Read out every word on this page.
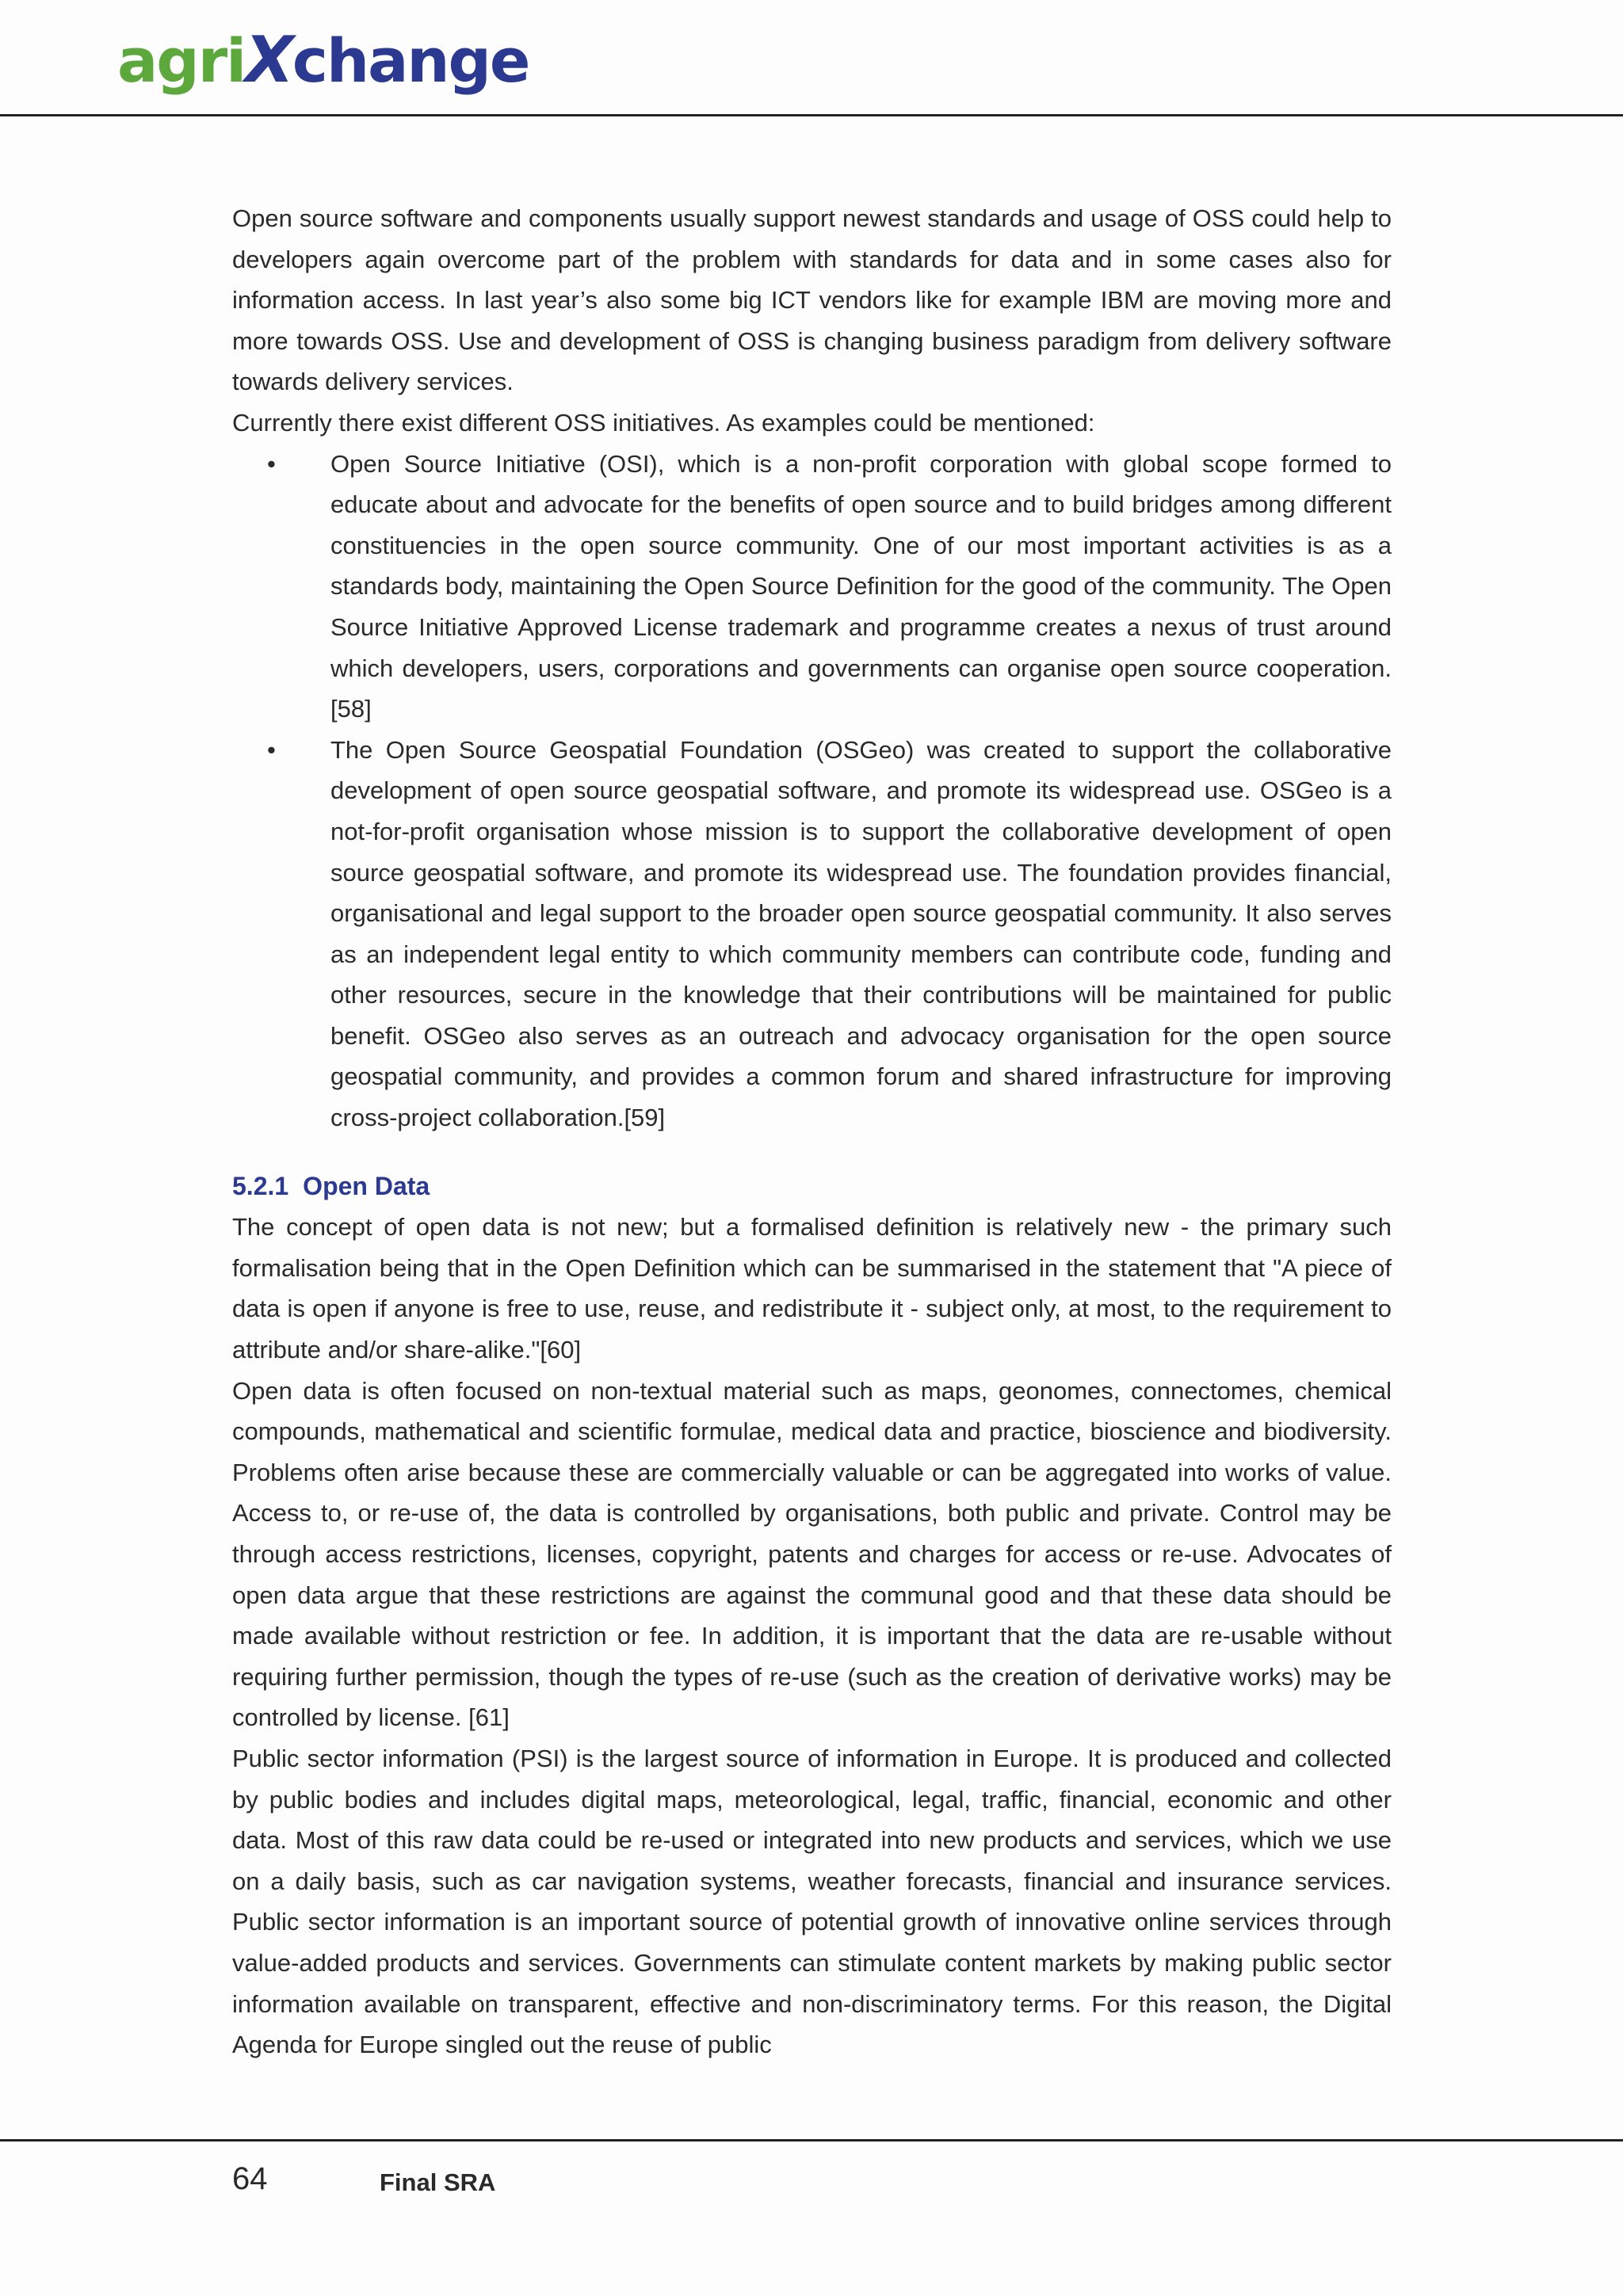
agriXchange

Open source software and components usually support newest standards and usage of OSS could help to developers again overcome part of the problem with standards for data and in some cases also for information access. In last year’s also some big ICT vendors like for example IBM are moving more and more towards OSS. Use and development of OSS is changing business paradigm from delivery software towards delivery services.

Currently there exist different OSS initiatives. As examples could be mentioned:

• Open Source Initiative (OSI), which is a non-profit corporation with global scope formed to educate about and advocate for the benefits of open source and to build bridges among different constituencies in the open source community. One of our most important activities is as a standards body, maintaining the Open Source Definition for the good of the community. The Open Source Initiative Approved License trademark and programme creates a nexus of trust around which developers, users, corporations and governments can organise open source cooperation.[58]
• The Open Source Geospatial Foundation (OSGeo) was created to support the collaborative development of open source geospatial software, and promote its widespread use. OSGeo is a not-for-profit organisation whose mission is to support the collaborative development of open source geospatial software, and promote its widespread use. The foundation provides financial, organisational and legal support to the broader open source geospatial community. It also serves as an independent legal entity to which community members can contribute code, funding and other resources, secure in the knowledge that their contributions will be maintained for public benefit. OSGeo also serves as an outreach and advocacy organisation for the open source geospatial community, and provides a common forum and shared infrastructure for improving cross-project collaboration.[59]
5.2.1 Open Data

The concept of open data is not new; but a formalised definition is relatively new - the primary such formalisation being that in the Open Definition which can be summarised in the statement that "A piece of data is open if anyone is free to use, reuse, and redistribute it - subject only, at most, to the requirement to attribute and/or share-alike."[60]

Open data is often focused on non-textual material such as maps, geonomes, connectomes, chemical compounds, mathematical and scientific formulae, medical data and practice, bioscience and biodiversity. Problems often arise because these are commercially valuable or can be aggregated into works of value. Access to, or re-use of, the data is controlled by organisations, both public and private. Control may be through access restrictions, licenses, copyright, patents and charges for access or re-use. Advocates of open data argue that these restrictions are against the communal good and that these data should be made available without restriction or fee. In addition, it is important that the data are re-usable without requiring further permission, though the types of re-use (such as the creation of derivative works) may be controlled by license. [61]

Public sector information (PSI) is the largest source of information in Europe. It is produced and collected by public bodies and includes digital maps, meteorological, legal, traffic, financial, economic and other data. Most of this raw data could be re-used or integrated into new products and services, which we use on a daily basis, such as car navigation systems, weather forecasts, financial and insurance services. Public sector information is an important source of potential growth of innovative online services through value-added products and services. Governments can stimulate content markets by making public sector information available on transparent, effective and non-discriminatory terms. For this reason, the Digital Agenda for Europe singled out the reuse of public

64	Final SRA
